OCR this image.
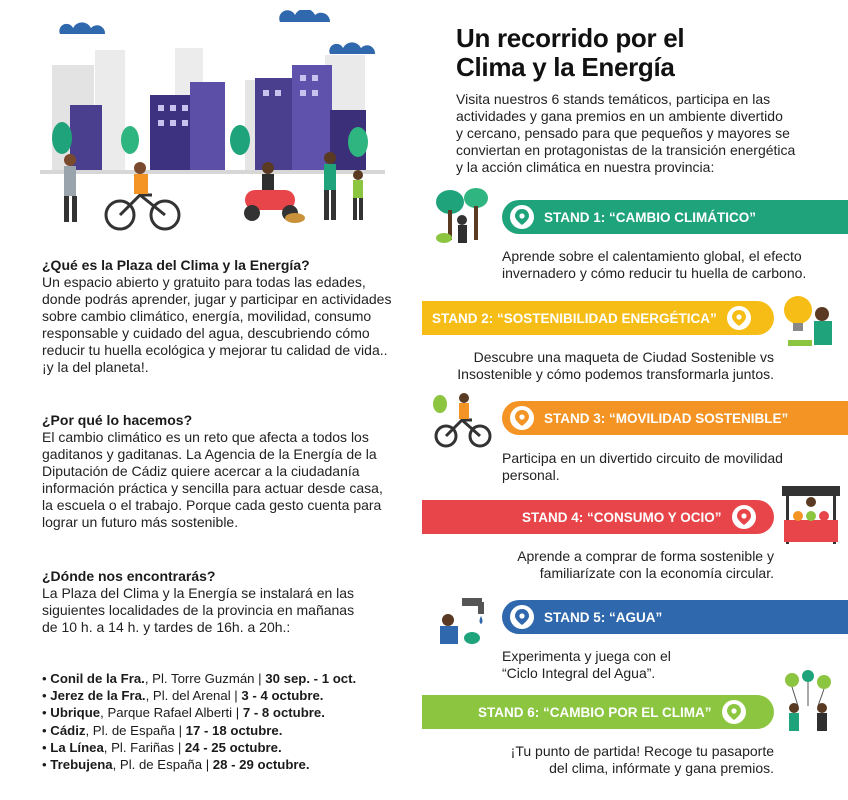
¿Qué es la Plaza del Clima y la Energía?
Un espacio abierto y gratuito para todas las edades,
donde podrás aprender, jugar y participar en actividades
sobre cambio climático, energía, movilidad, consumo
responsable y cuidado del agua, descubriendo cómo
reducir tu huella ecológica y mejorar tu calidad de vida..
¡y la del planeta!.
¿Por qué lo hacemos?
El cambio climático es un reto que afecta a todos los
gaditanos y gaditanas. La Agencia de la Energía de la
Diputación de Cádiz quiere acercar a la ciudadanía
información práctica y sencilla para actuar desde casa,
la escuela o el trabajo. Porque cada gesto cuenta para
lograr un futuro más sostenible.
¿Dónde nos encontrarás?
La Plaza del Clima y la Energía se instalará en las
siguientes localidades de la provincia en mañanas
de 10 h. a 14 h. y tardes de 16h. a 20h.:
• Conil de la Fra., Pl. Torre Guzmán | 30 sep. - 1 oct.
• Jerez de la Fra., Pl. del Arenal | 3 - 4 octubre.
• Ubrique, Parque Rafael Alberti | 7 - 8 octubre.
• Cádiz, Pl. de España | 17 - 18 octubre.
• La Línea, Pl. Fariñas | 24 - 25 octubre.
• Trebujena, Pl. de España | 28 - 29 octubre.
Un recorrido por el
Clima y la Energía
Visita nuestros 6 stands temáticos, participa en las
actividades y gana premios en un ambiente divertido
y cercano, pensado para que pequeños y mayores se
conviertan en protagonistas de la transición energética
y la acción climática en nuestra provincia:
STAND 1: “CAMBIO CLIMÁTICO”
Aprende sobre el calentamiento global, el efecto
invernadero y cómo reducir tu huella de carbono.
STAND 2: “SOSTENIBILIDAD ENERGÉTICA”
Descubre una maqueta de Ciudad Sostenible vs
Insostenible y cómo podemos transformarla juntos.
STAND 3: “MOVILIDAD SOSTENIBLE”
Participa en un divertido circuito de movilidad
personal.
STAND 4: “CONSUMO Y OCIO”
Aprende a comprar de forma sostenible y
familiarízate con la economía circular.
STAND 5: “AGUA”
Experimenta y juega con el
“Ciclo Integral del Agua”.
STAND 6: “CAMBIO POR EL CLIMA”
¡Tu punto de partida! Recoge tu pasaporte
del clima, infórmate y gana premios.
